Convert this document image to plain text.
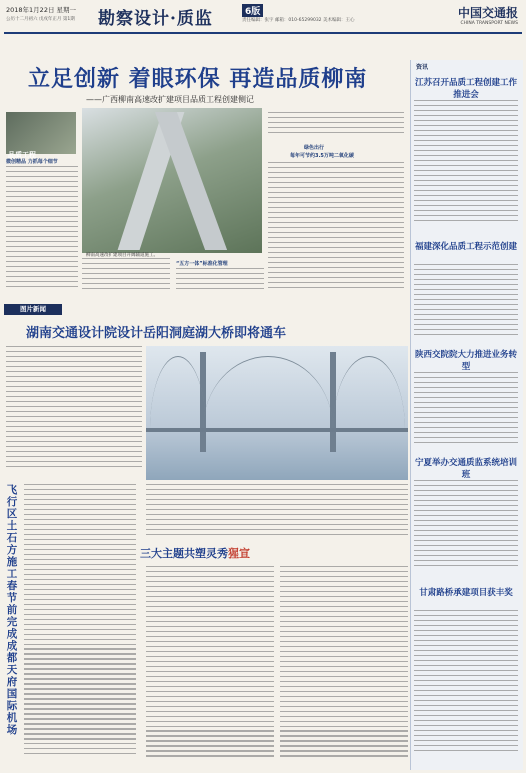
2018年1月22日 星期一
公历十二月初六 戊戌年正月 第1期 勘察设计·质监	6版
责任编辑：张宇 邮箱：010-65299032 美术编辑：王心
中国交通报
CHINA TRANSPORT NEWS
立足创新 着眼环保 再造品质柳南
——广西柳南高速改扩建项目品质工程创建侧记
品质工程
柳南高速改扩建项目开阔辅道施工。
微创精品 力抓每个细节
“五方一体”标准化管理
绿色出行
每年可节约3.5万吨二氧化碳
资讯
江苏召开品质工程创建工作推进会
福建深化品质工程示范创建
陕西交院院大力推进业务转型
宁夏举办交通质监系统培训班
甘肃路桥承建项目获丰奖
图片新闻
湖南交通设计院设计岳阳洞庭湖大桥即将通车
飞行区土石方施工春节前完成 成都天府国际机场
三大主题共塑灵秀猩宣
